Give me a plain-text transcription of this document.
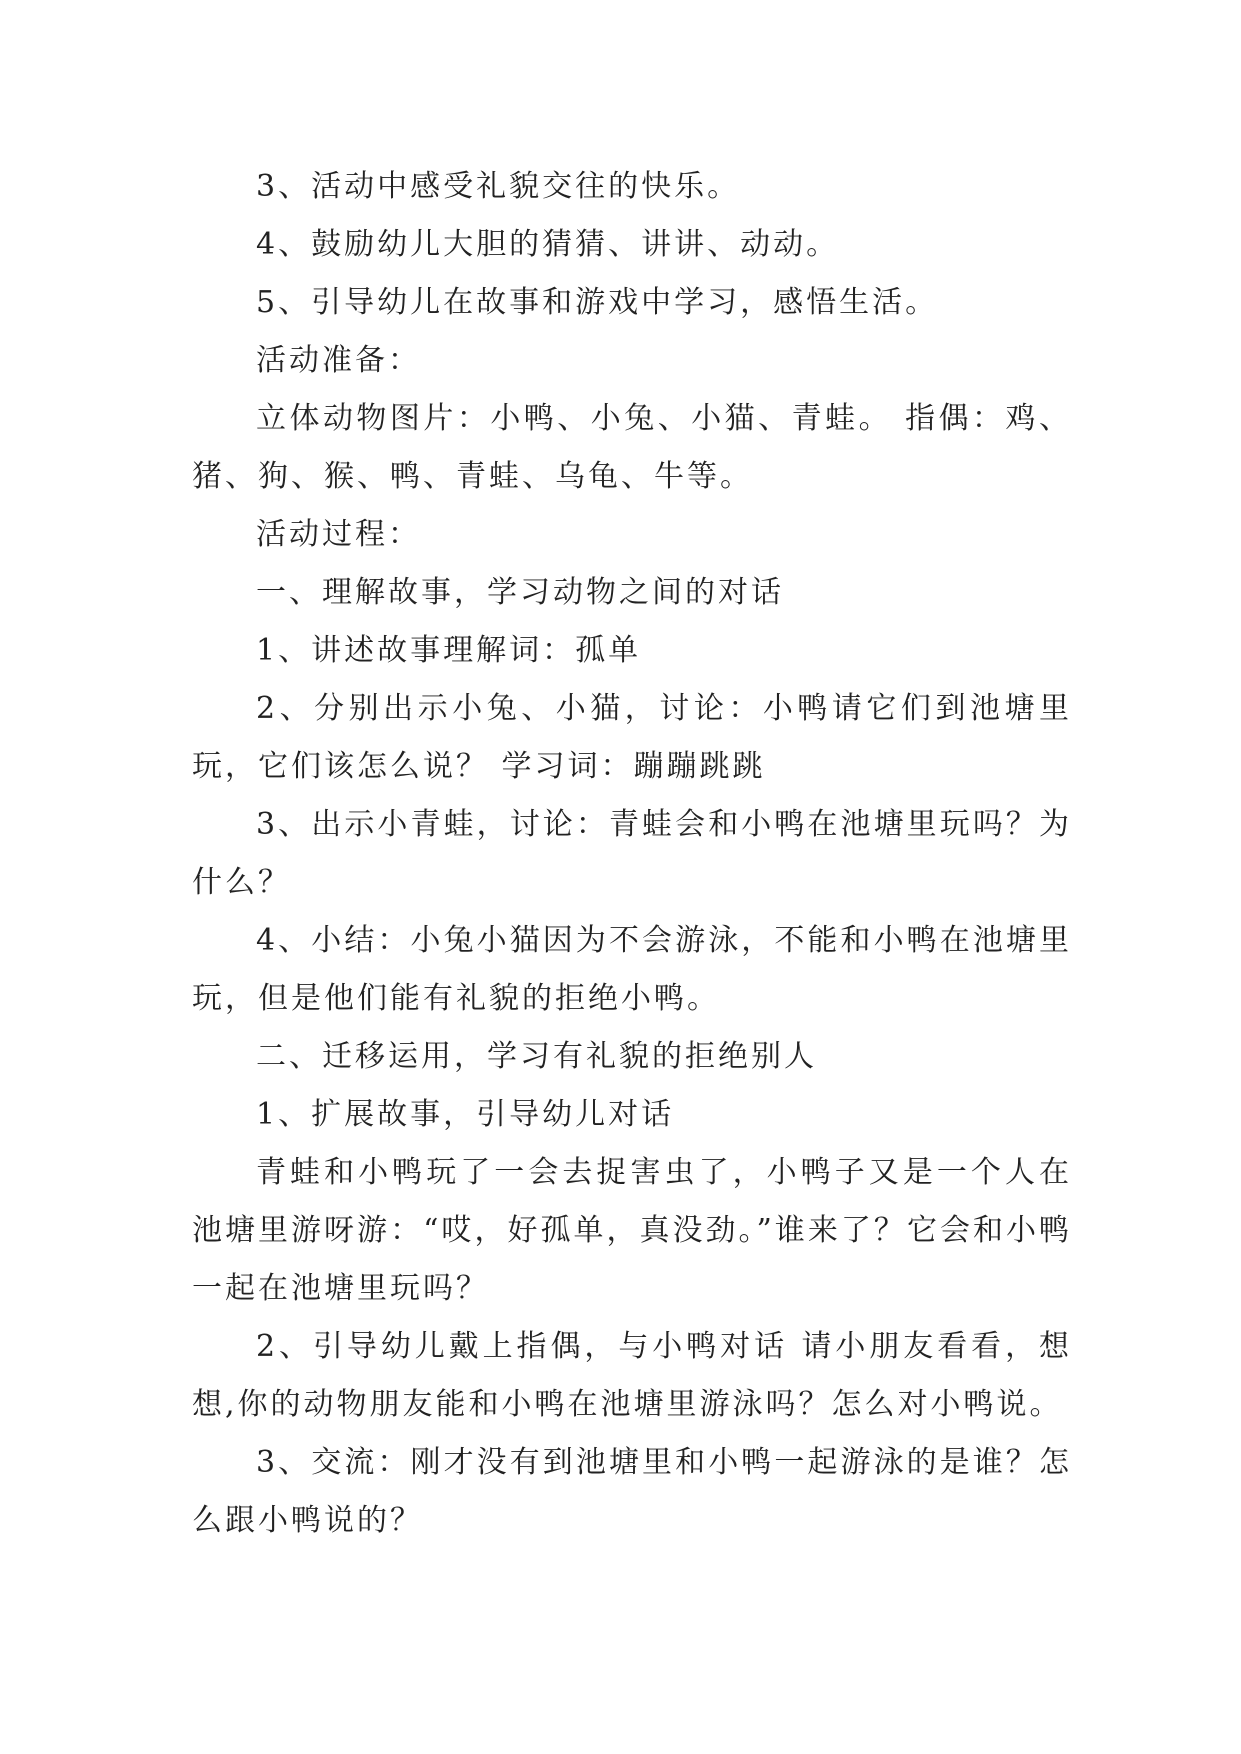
3、活动中感受礼貌交往的快乐。

4、鼓励幼儿大胆的猜猜、讲讲、动动。

5、引导幼儿在故事和游戏中学习，感悟生活。

活动准备：

立体动物图片：小鸭、小兔、小猫、青蛙。 指偶：鸡、猪、狗、猴、鸭、青蛙、乌龟、牛等。

活动过程：

一、理解故事，学习动物之间的对话

1、讲述故事理解词：孤单

2、分别出示小兔、小猫，讨论：小鸭请它们到池塘里玩，它们该怎么说？ 学习词：蹦蹦跳跳

3、出示小青蛙，讨论：青蛙会和小鸭在池塘里玩吗？为什么？

4、小结：小兔小猫因为不会游泳，不能和小鸭在池塘里玩，但是他们能有礼貌的拒绝小鸭。

二、迁移运用，学习有礼貌的拒绝别人

1、扩展故事，引导幼儿对话

青蛙和小鸭玩了一会去捉害虫了，小鸭子又是一个人在池塘里游呀游：“哎，好孤单，真没劲。”谁来了？它会和小鸭一起在池塘里玩吗？

2、引导幼儿戴上指偶，与小鸭对话 请小朋友看看，想想,你的动物朋友能和小鸭在池塘里游泳吗？怎么对小鸭说。

3、交流：刚才没有到池塘里和小鸭一起游泳的是谁？怎么跟小鸭说的？
